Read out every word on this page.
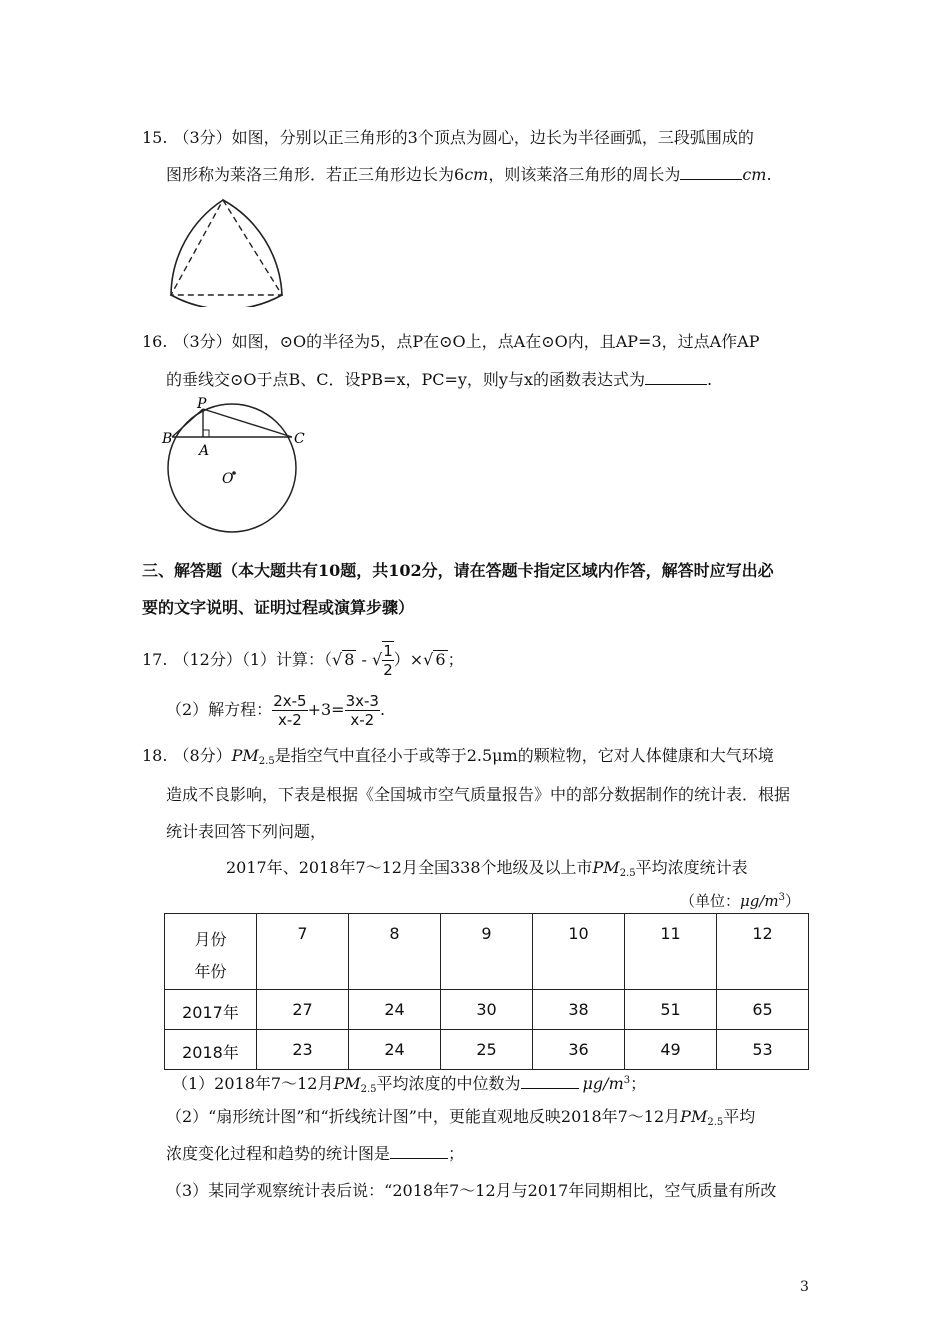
15. （3分）如图，分别以正三角形的3个顶点为圆心，边长为半径画弧，三段弧围成的
图形称为莱洛三角形．若正三角形边长为6cm，则该莱洛三角形的周长为	cm.
16. （3分）如图，⊙O的半径为5，点P在⊙O上，点A在⊙O内，且AP=3，过点A作AP
的垂线交⊙O于点B、C．设PB=x，PC=y，则y与x的函数表达式为	.
P
B
A
C
O
三、解答题（本大题共有10题，共102分，请在答题卡指定区域内作答，解答时应写出必
要的文字说明、证明过程或演算步骤）
17. （12分）（1）计算：（√ 8 - √ $\frac{1}{2}$ ）×√ 6 ；
（2）解方程： $\frac{2x-5}{x-2} +3= \frac{3x-3}{x-2}$ .
18. （8分）$PM_{2.5}$是指空气中直径小于或等于2.5μm的颗粒物，它对人体健康和大气环境
造成不良影响，下表是根据《全国城市空气质量报告》中的部分数据制作的统计表．根据
统计表回答下列问题，
2017年、2018年7～12月全国338个地级及以上市$PM_{2.5}$平均浓度统计表
（单位：$\mu g/m^3$）
月份
年份	7	8	9	10	11	12
2017年	27	24	30	38	51	65
2018年	23	24	25	36	49	53
（1）2018年7～12月$PM_{2.5}$平均浓度的中位数为	$\mu g/m^3$；
（2）“扇形统计图”和“折线统计图”中，更能直观地反映2018年7～12月$PM_{2.5}$平均
浓度变化过程和趋势的统计图是	；
（3）某同学观察统计表后说：“2018年7～12月与2017年同期相比，空气质量有所改
3
